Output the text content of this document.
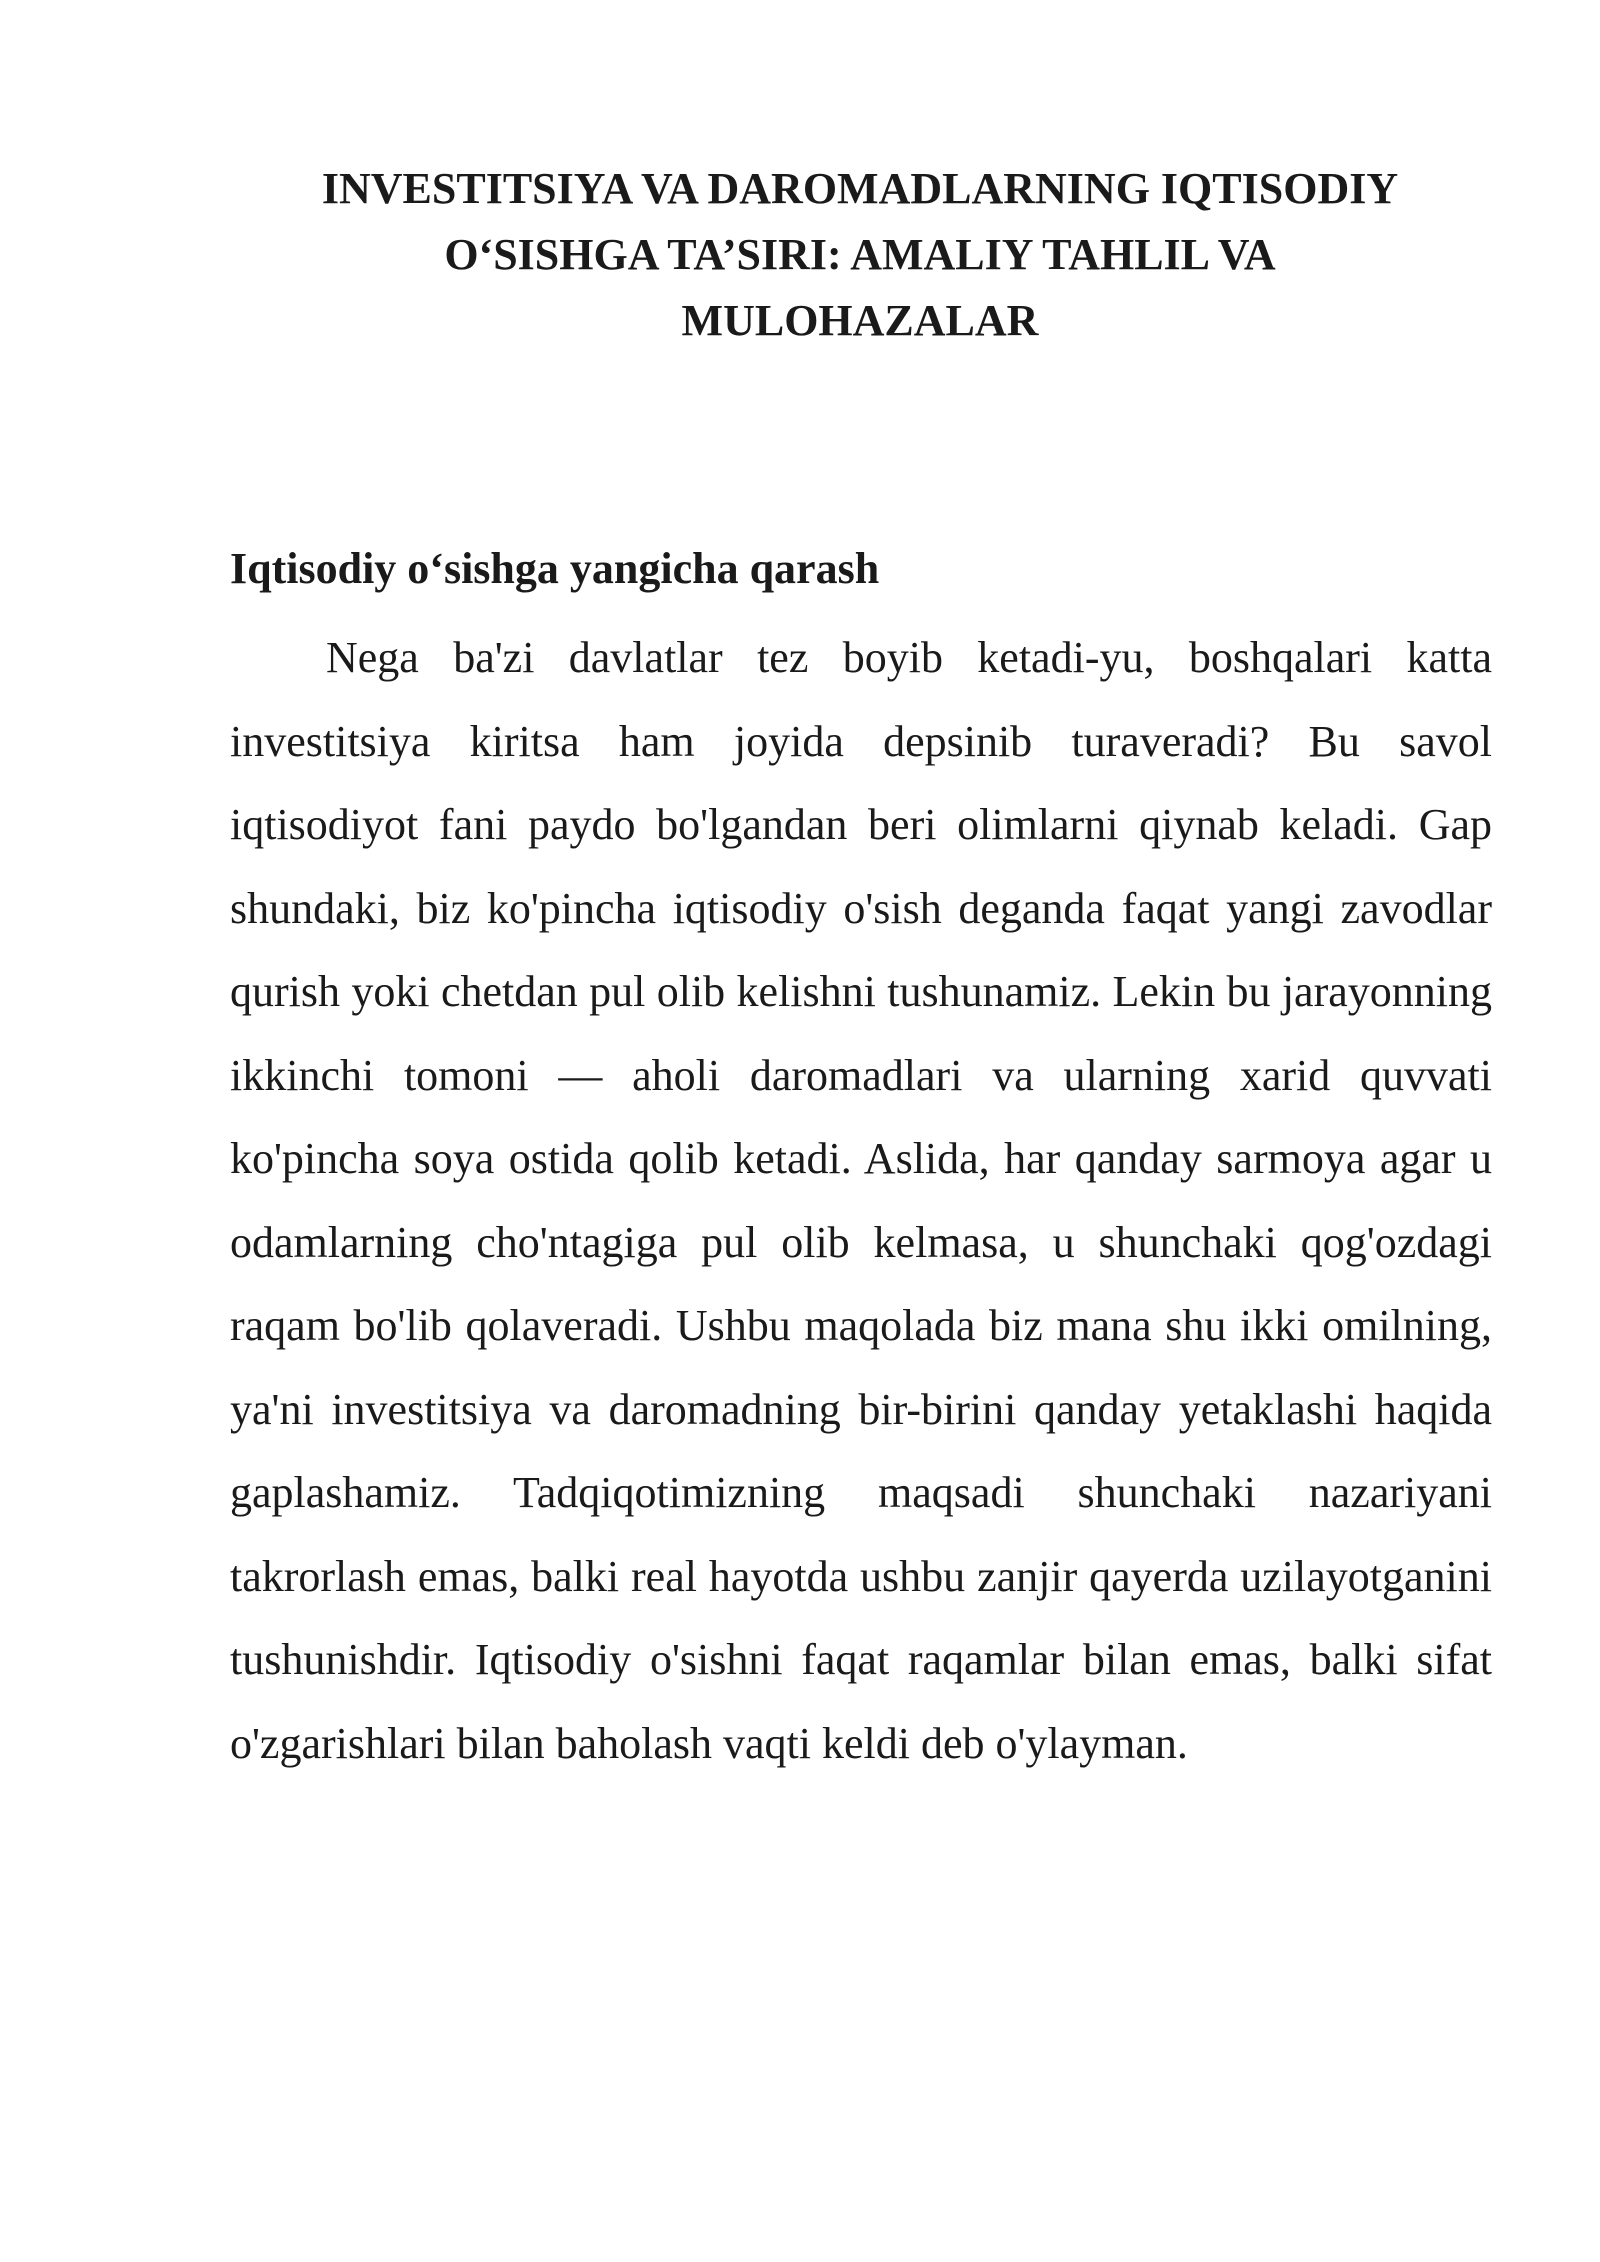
INVESTITSIYA VA DAROMADLARNING IQTISODIY
O‘SISHGA TA’SIRI: AMALIY TAHLIL VA
MULOHAZALAR
Iqtisodiy o‘sishga yangicha qarash

Nega ba'zi davlatlar tez boyib ketadi-yu, boshqalari katta investitsiya kiritsa ham joyida depsinib turaveradi? Bu savol iqtisodiyot fani paydo bo'lgandan beri olimlarni qiynab keladi. Gap shundaki, biz ko'pincha iqtisodiy o'sish deganda faqat yangi zavodlar qurish yoki chetdan pul olib kelishni tushunamiz. Lekin bu jarayonning ikkinchi tomoni — aholi daromadlari va ularning xarid quvvati ko'pincha soya ostida qolib ketadi. Aslida, har qanday sarmoya agar u odamlarning cho'ntagiga pul olib kelmasa, u shunchaki qog'ozdagi raqam bo'lib qolaveradi. Ushbu maqolada biz mana shu ikki omilning, ya'ni investitsiya va daromadning bir-birini qanday yetaklashi haqida gaplashamiz. Tadqiqotimizning maqsadi shunchaki nazariyani takrorlash emas, balki real hayotda ushbu zanjir qayerda uzilayotganini tushunishdir. Iqtisodiy o'sishni faqat raqamlar bilan emas, balki sifat o'zgarishlari bilan baholash vaqti keldi deb o'ylayman.
